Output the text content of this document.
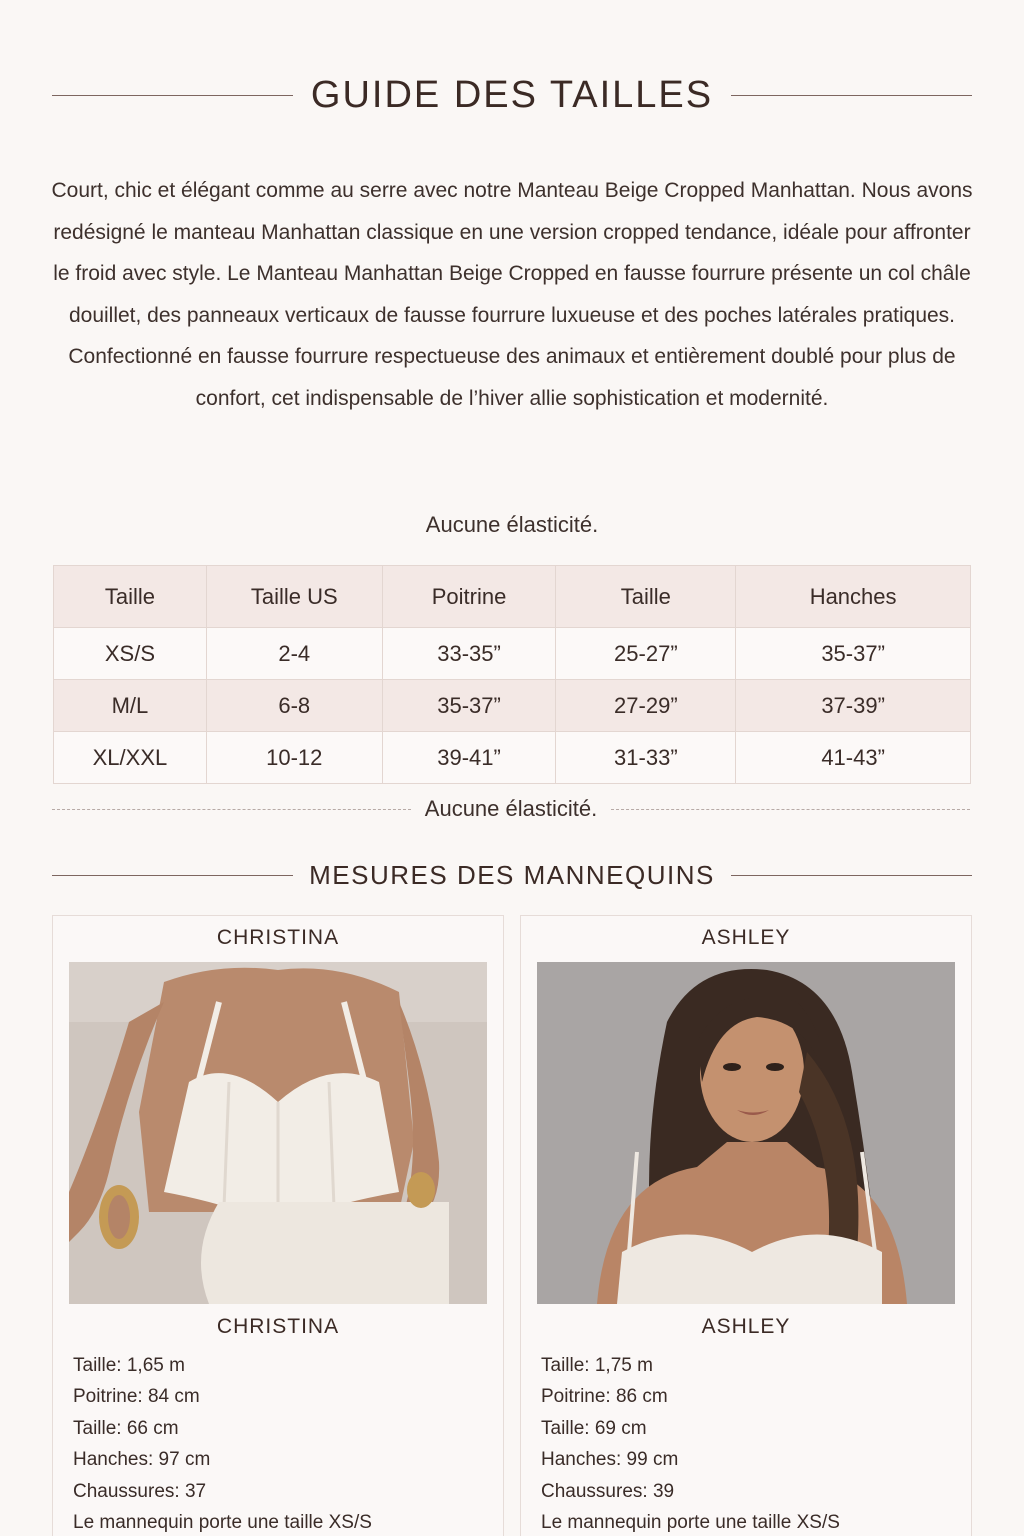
GUIDE DES TAILLES

Court, chic et élégant comme au serre avec notre Manteau Beige Cropped Manhattan. Nous avons redésigné le manteau Manhattan classique en une version cropped tendance, idéale pour affronter le froid avec style. Le Manteau Manhattan Beige Cropped en fausse fourrure présente un col châle douillet, des panneaux verticaux de fausse fourrure luxueuse et des poches latérales pratiques.

Confectionné en fausse fourrure respectueuse des animaux et entièrement doublé pour plus de confort, cet indispensable de l’hiver allie sophistication et modernité.

Aucune élasticité.
Taille	Taille US	Poitrine	Taille	Hanches
XS/S	2-4	33-35”	25-27”	35-37”
M/L	6-8	35-37”	27-29”	37-39”
XL/XXL	10-12	39-41”	31-33”	41-43”
Aucune élasticité.
MESURES DES MANNEQUINS
CHRISTINA
CHRISTINA
Taille: 1,65 m
Poitrine: 84 cm
Taille: 66 cm
Hanches: 97 cm
Chaussures: 37
Le mannequin porte une taille XS/S
ASHLEY
ASHLEY
Taille: 1,75 m
Poitrine: 86 cm
Taille: 69 cm
Hanches: 99 cm
Chaussures: 39
Le mannequin porte une taille XS/S
